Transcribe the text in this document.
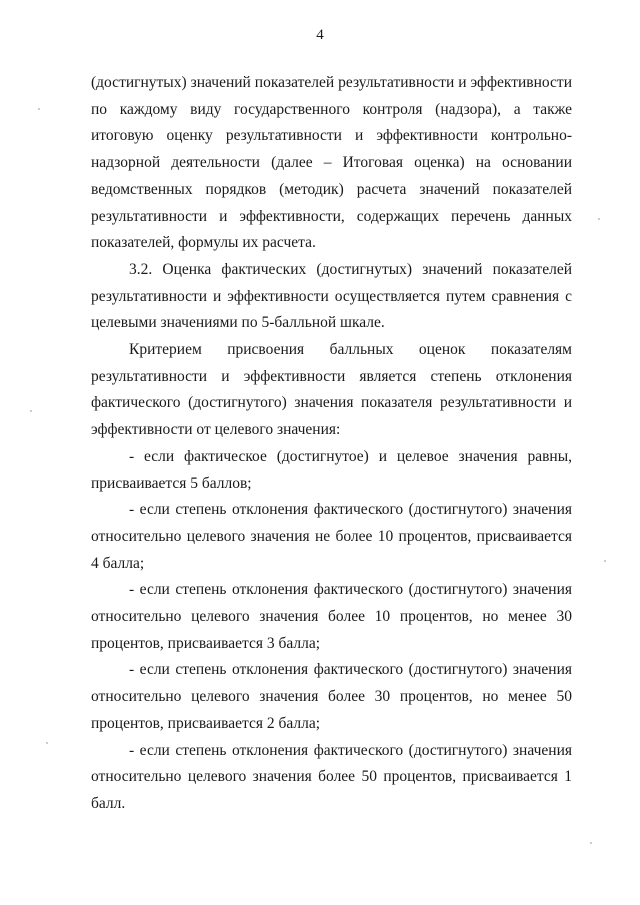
4

(достигнутых) значений показателей результативности и эффективности по каждому виду государственного контроля (надзора), а также итоговую оценку результативности и эффективности контрольно-надзорной деятельности (далее – Итоговая оценка) на основании ведомственных порядков (методик) расчета значений показателей результативности и эффективности, содержащих перечень данных показателей, формулы их расчета.

3.2. Оценка фактических (достигнутых) значений показателей результативности и эффективности осуществляется путем сравнения с целевыми значениями по 5-балльной шкале.

Критерием присвоения балльных оценок показателям результативности и эффективности является степень отклонения фактического (достигнутого) значения показателя результативности и эффективности от целевого значения:

- если фактическое (достигнутое) и целевое значения равны, присваивается 5 баллов;

- если степень отклонения фактического (достигнутого) значения относительно целевого значения не более 10 процентов, присваивается 4 балла;

- если степень отклонения фактического (достигнутого) значения относительно целевого значения более 10 процентов, но менее 30 процентов, присваивается 3 балла;

- если степень отклонения фактического (достигнутого) значения относительно целевого значения более 30 процентов, но менее 50 процентов, присваивается 2 балла;

- если степень отклонения фактического (достигнутого) значения относительно целевого значения более 50 процентов, присваивается 1 балл.
